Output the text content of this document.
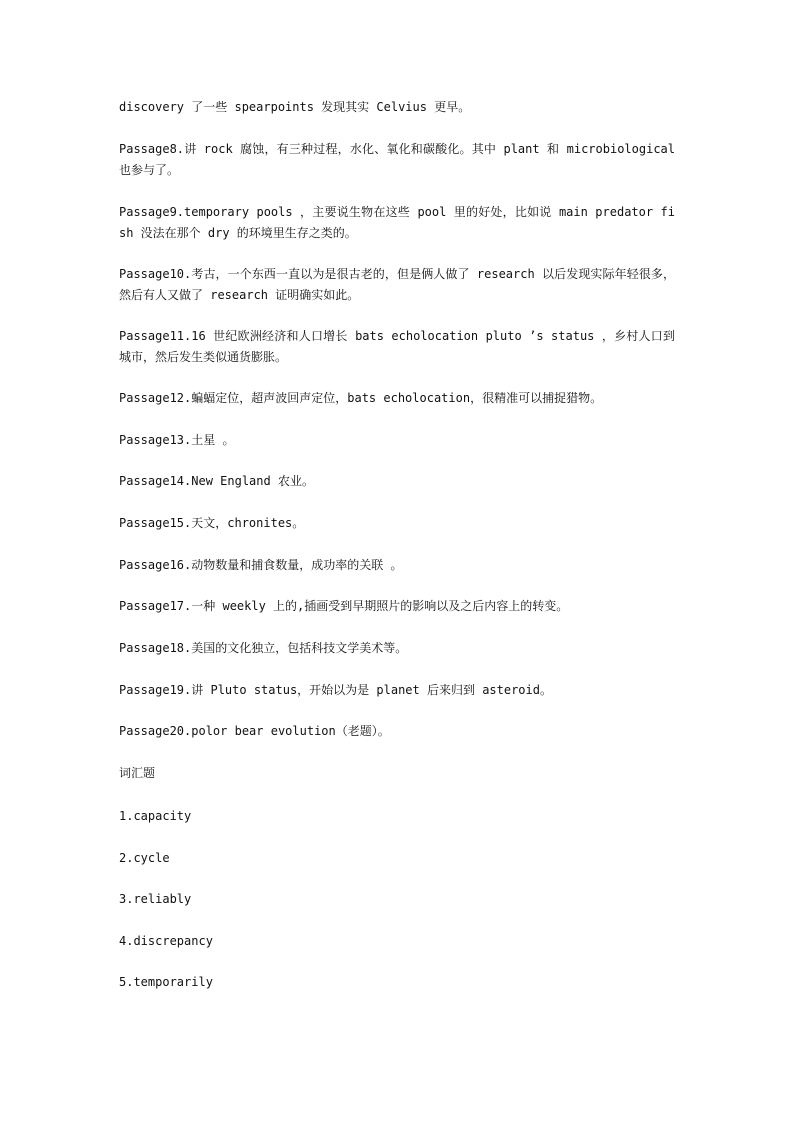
discovery 了一些 spearpoints 发现其实 Celvius 更早。

Passage8.讲 rock 腐蚀，有三种过程，水化、氧化和碳酸化。其中 plant 和 microbiological 也参与了。

Passage9.temporary pools ，主要说生物在这些 pool 里的好处，比如说 main predator fish 没法在那个 dry 的环境里生存之类的。

Passage10.考古，一个东西一直以为是很古老的，但是俩人做了 research 以后发现实际年轻很多，然后有人又做了 research 证明确实如此。

Passage11.16 世纪欧洲经济和人口增长 bats echolocation pluto ’s status ，乡村人口到城市，然后发生类似通货膨胀。

Passage12.蝙蝠定位，超声波回声定位，bats echolocation，很精准可以捕捉猎物。

Passage13.土星 。

Passage14.New England 农业。

Passage15.天文，chronites。

Passage16.动物数量和捕食数量，成功率的关联 。

Passage17.一种 weekly 上的,插画受到早期照片的影响以及之后内容上的转变。

Passage18.美国的文化独立，包括科技文学美术等。

Passage19.讲 Pluto status，开始以为是 planet 后来归到 asteroid。

Passage20.polor bear evolution（老题）。

词汇题

1.capacity

2.cycle

3.reliably

4.discrepancy

5.temporarily
